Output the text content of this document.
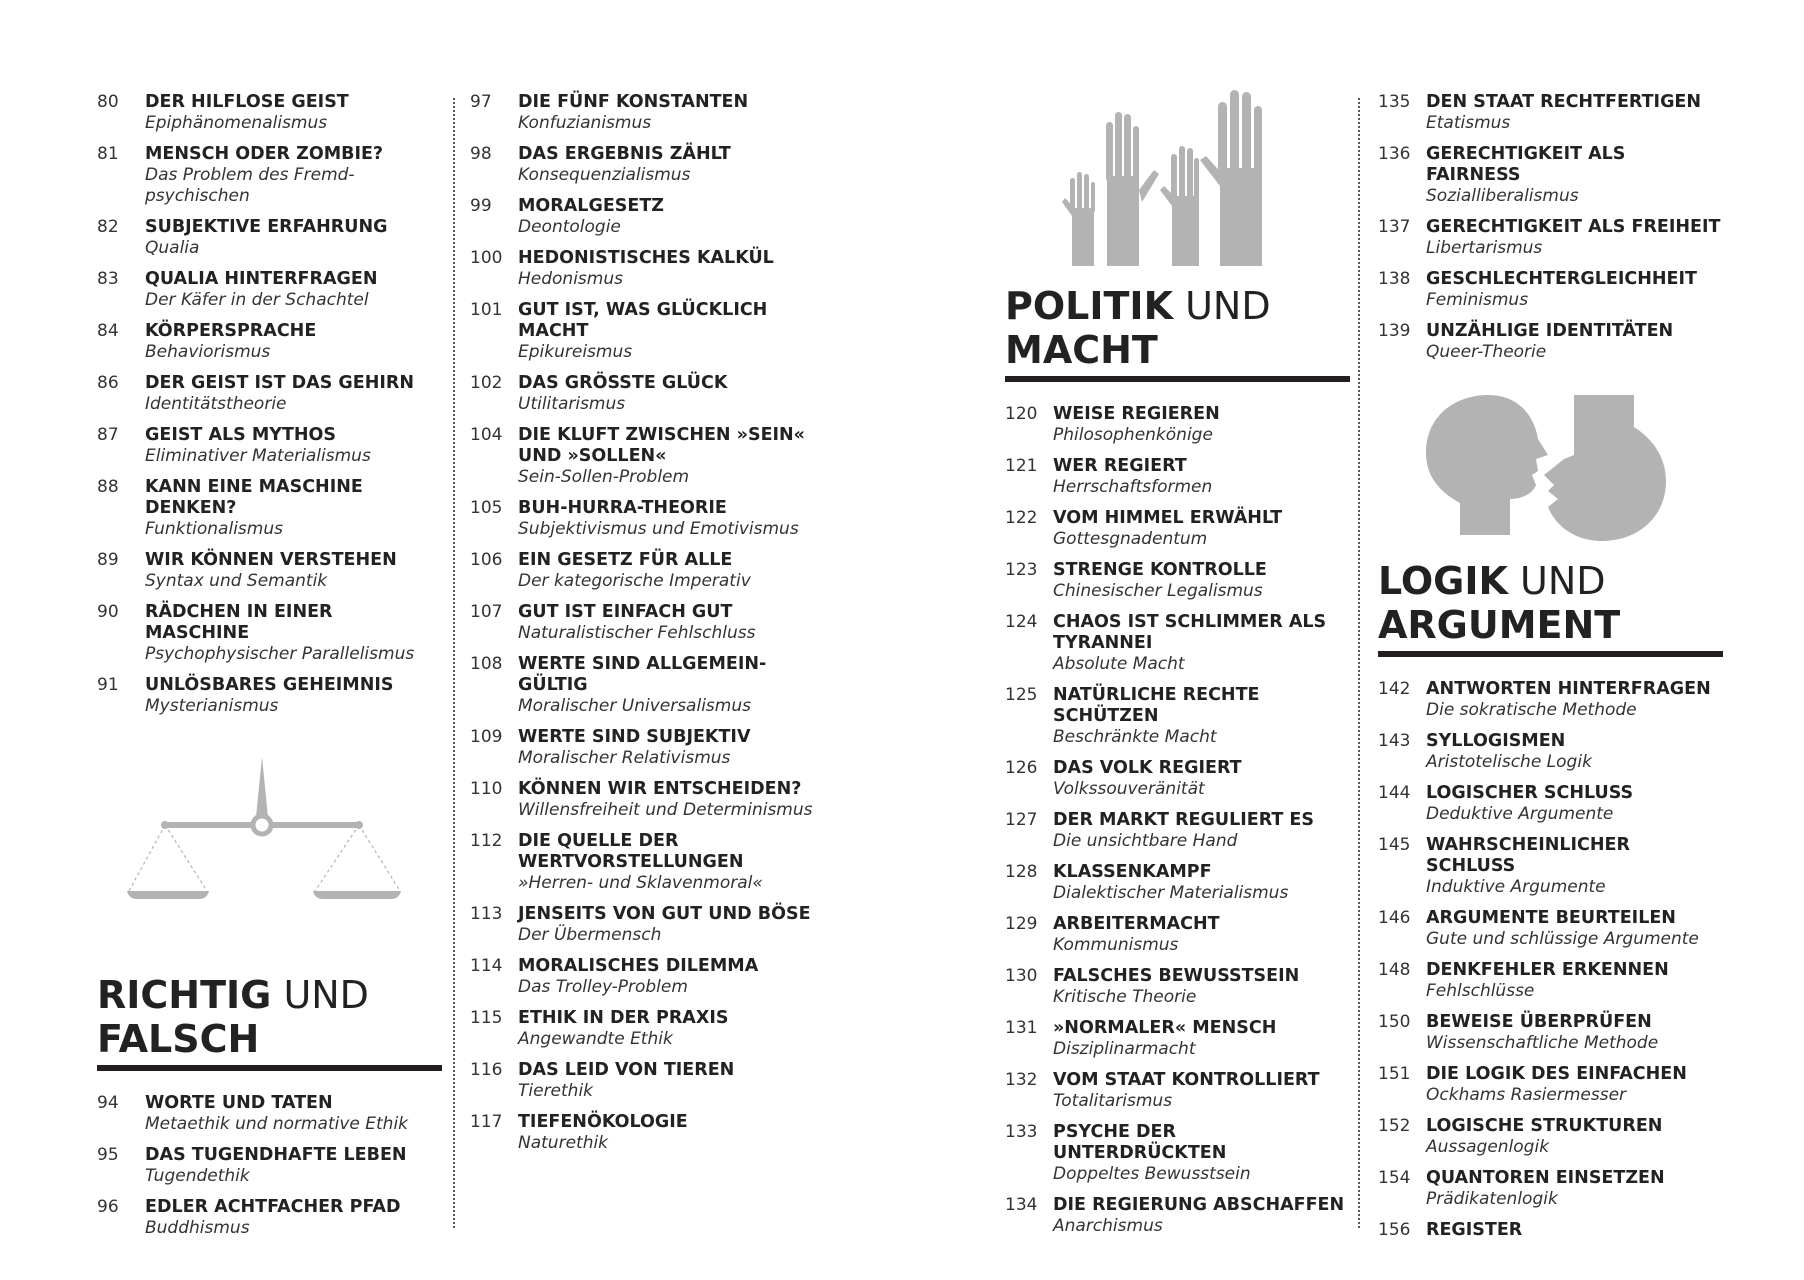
80	DER HILFLOSE GEIST
Epiphänomenalismus
81	MENSCH ODER ZOMBIE?
Das Problem des Fremd-psychischen
82	SUBJEKTIVE ERFAHRUNG
Qualia
83	QUALIA HINTERFRAGEN
Der Käfer in der Schachtel
84	KÖRPERSPRACHE
Behaviorismus
86	DER GEIST IST DAS GEHIRN
Identitätstheorie
87	GEIST ALS MYTHOS
Eliminativer Materialismus
88	KANN EINE MASCHINE DENKEN?
Funktionalismus
89	WIR KÖNNEN VERSTEHEN
Syntax und Semantik
90	RÄDCHEN IN EINER MASCHINE
Psychophysischer Parallelismus
91	UNLÖSBARES GEHEIMNIS
Mysterianismus
RICHTIG UND
FALSCH
94	WORTE UND TATEN
Metaethik und normative Ethik
95	DAS TUGENDHAFTE LEBEN
Tugendethik
96	EDLER ACHTFACHER PFAD
Buddhismus
97	DIE FÜNF KONSTANTEN
Konfuzianismus
98	DAS ERGEBNIS ZÄHLT
Konsequenzialismus
99	MORALGESETZ
Deontologie
100 HEDONISTISCHES KALKÜL
Hedonismus
101 GUT IST, WAS GLÜCKLICH MACHT
Epikureismus
102 DAS GRÖSSTE GLÜCK
Utilitarismus
104 DIE KLUFT ZWISCHEN »SEIN« UND »SOLLEN«
Sein-Sollen-Problem
105 BUH-HURRA-THEORIE
Subjektivismus und Emotivismus
106 EIN GESETZ FÜR ALLE
Der kategorische Imperativ
107 GUT IST EINFACH GUT
Naturalistischer Fehlschluss
108 WERTE SIND ALLGEMEIN-GÜLTIG
Moralischer Universalismus
109 WERTE SIND SUBJEKTIV
Moralischer Relativismus
110 KÖNNEN WIR ENTSCHEIDEN?
Willensfreiheit und Determinismus
112 DIE QUELLE DER WERTVORSTELLUNGEN
»Herren- und Sklavenmoral«
113 JENSEITS VON GUT UND BÖSE
Der Übermensch
114 MORALISCHES DILEMMA
Das Trolley-Problem
115 ETHIK IN DER PRAXIS
Angewandte Ethik
116 DAS LEID VON TIEREN
Tierethik
117 TIEFENÖKOLOGIE
Naturethik
POLITIK UND
MACHT
120 WEISE REGIEREN
Philosophenkönige
121 WER REGIERT
Herrschaftsformen
122 VOM HIMMEL ERWÄHLT
Gottesgnadentum
123 STRENGE KONTROLLE
Chinesischer Legalismus
124 CHAOS IST SCHLIMMER ALS TYRANNEI
Absolute Macht
125 NATÜRLICHE RECHTE SCHÜTZEN
Beschränkte Macht
126 DAS VOLK REGIERT
Volkssouveränität
127 DER MARKT REGULIERT ES
Die unsichtbare Hand
128 KLASSENKAMPF
Dialektischer Materialismus
129 ARBEITERMACHT
Kommunismus
130 FALSCHES BEWUSSTSEIN
Kritische Theorie
131 »NORMALER« MENSCH
Disziplinarmacht
132 VOM STAAT KONTROLLIERT
Totalitarismus
133 PSYCHE DER UNTERDRÜCKTEN
Doppeltes Bewusstsein
134 DIE REGIERUNG ABSCHAFFEN
Anarchismus
135 DEN STAAT RECHTFERTIGEN
Etatismus
136 GERECHTIGKEIT ALS FAIRNESS
Sozialliberalismus
137 GERECHTIGKEIT ALS FREIHEIT
Libertarismus
138 GESCHLECHTERGLEICHHEIT
Feminismus
139 UNZÄHLIGE IDENTITÄTEN
Queer-Theorie
LOGIK UND
ARGUMENT
142 ANTWORTEN HINTERFRAGEN
Die sokratische Methode
143 SYLLOGISMEN
Aristotelische Logik
144 LOGISCHER SCHLUSS
Deduktive Argumente
145 WAHRSCHEINLICHER SCHLUSS
Induktive Argumente
146 ARGUMENTE BEURTEILEN
Gute und schlüssige Argumente
148 DENKFEHLER ERKENNEN
Fehlschlüsse
150 BEWEISE ÜBERPRÜFEN
Wissenschaftliche Methode
151 DIE LOGIK DES EINFACHEN
Ockhams Rasiermesser
152 LOGISCHE STRUKTUREN
Aussagenlogik
154 QUANTOREN EINSETZEN
Prädikatenlogik
156 REGISTER
